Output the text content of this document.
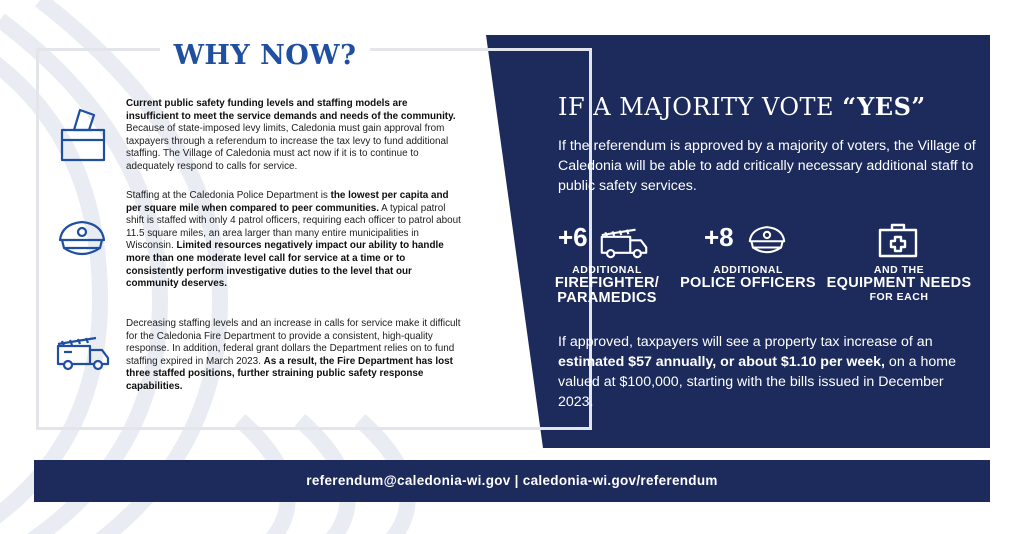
WHY NOW?
Current public safety funding levels and staffing models are insufficient to meet the service demands and needs of the community. Because of state-imposed levy limits, Caledonia must gain approval from taxpayers through a referendum to increase the tax levy to fund additional staffing. The Village of Caledonia must act now if it is to continue to adequately respond to calls for service.
Staffing at the Caledonia Police Department is the lowest per capita and per square mile when compared to peer communities. A typical patrol shift is staffed with only 4 patrol officers, requiring each officer to patrol about 11.5 square miles, an area larger than many entire municipalities in Wisconsin. Limited resources negatively impact our ability to handle more than one moderate level call for service at a time or to consistently perform investigative duties to the level that our community deserves.
Decreasing staffing levels and an increase in calls for service make it difficult for the Caledonia Fire Department to provide a consistent, high-quality response. In addition, federal grant dollars the Department relies on to fund staffing expired in March 2023. As a result, the Fire Department has lost three staffed positions, further straining public safety response capabilities.
IF A MAJORITY VOTE “YES”
If the referendum is approved by a majority of voters, the Village of Caledonia will be able to add critically necessary additional staff to public safety services.
+6
ADDITIONAL
FIREFIGHTER/
PARAMEDICS
+8
ADDITIONAL
POLICE OFFICERS
AND THE
EQUIPMENT NEEDS
FOR EACH
If approved, taxpayers will see a property tax increase of an estimated $57 annually, or about $1.10 per week, on a home valued at $100,000, starting with the bills issued in December 2023.
referendum@caledonia-wi.gov | caledonia-wi.gov/referendum
